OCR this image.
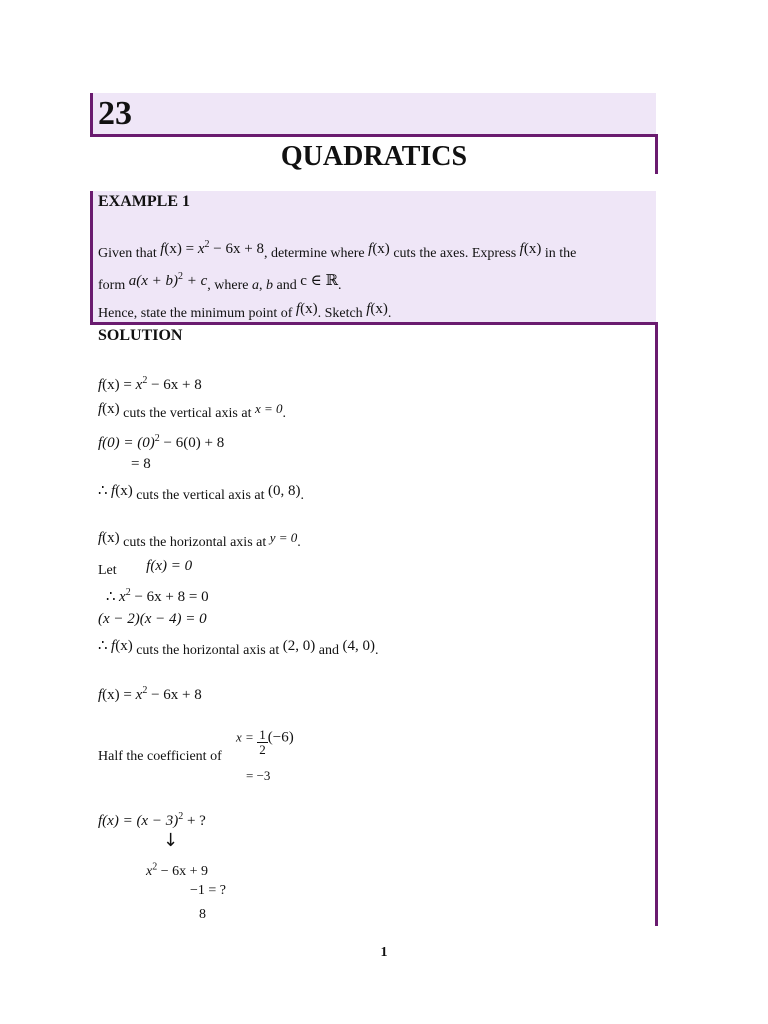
23
QUADRATICS
EXAMPLE 1
Given that $f(x) = x^2 - 6x + 8$, determine where f(x) cuts the axes. Express f(x) in the
form $a(x + b)^2 + c$, where a, b and c ∈ ℝ.
Hence, state the minimum point of f(x). Sketch f(x).
SOLUTION
$f(x) = x^2 - 6x + 8$
f(x) cuts the vertical axis at x = 0.
$f(0) = (0)^2 - 6(0) + 8$
= 8
∴ f(x) cuts the vertical axis at (0, 8).
f(x) cuts the horizontal axis at y = 0.
Let f(x) = 0
∴ $x^2 - 6x + 8 = 0$
(x − 2)(x − 4) = 0
∴ f(x) cuts the horizontal axis at (2, 0) and (4, 0).
$f(x) = x^2 - 6x + 8$
Half the coefficient of
$x = \frac{1}{2} (-6)$
= −3
$f(x) = (x - 3)^2$ + ?
↓
$x^2 - 6x + 9$
−1 = ?
8
1
